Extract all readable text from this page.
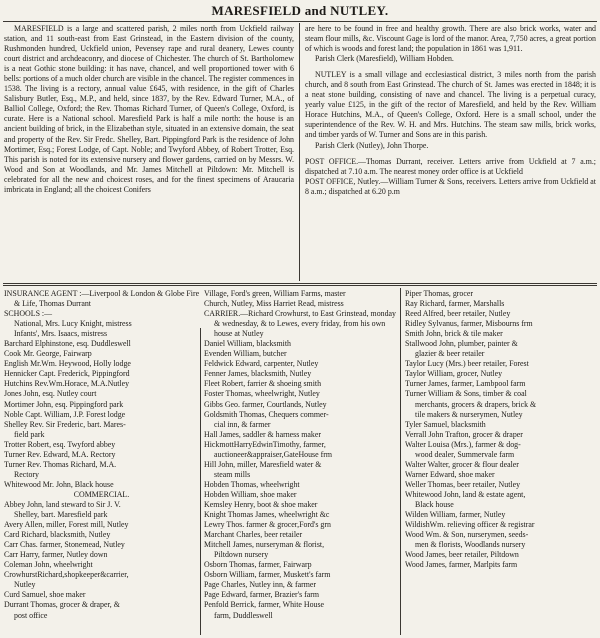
MARESFIELD and NUTLEY.

MARESFIELD is a large and scattered parish, 2 miles north from Uckfield railway station, and 11 south-east from East Grinstead, in the Eastern division of the county, Rushmonden hundred, Uckfield union, Pevensey rape and rural deanery, Lewes county court district and archdeaconry, and diocese of Chichester. The church of St. Bartholomew is a neat Gothic stone building: it has nave, chancel, and well proportioned tower with 6 bells: portions of a much older church are visible in the chancel. The register commences in 1538. The living is a rectory, annual value £645, with residence, in the gift of Charles Salisbury Butler, Esq., M.P., and held, since 1837, by the Rev. Edward Turner, M.A., of Balliol College, Oxford; the Rev. Thomas Richard Turner, of Queen's College, Oxford, is curate. Here is a National school. Maresfield Park is half a mile north: the house is an ancient building of brick, in the Elizabethan style, situated in an extensive domain, the seat and property of the Rev. Sir Fredc. Shelley, Bart. Pippingford Park is the residence of John Mortimer, Esq.; Forest Lodge, of Capt. Noble; and Twyford Abbey, of Robert Trotter, Esq. This parish is noted for its extensive nursery and flower gardens, carried on by Messrs. W. Wood and Son at Woodlands, and Mr. James Mitchell at Piltdown: Mr. Mitchell is celebrated for all the new and choicest roses, and for the finest specimens of Araucaria imbricata in England; all the choicest Conifers

are here to be found in free and healthy growth. There are also brick works, water and steam flour mills, &c. Viscount Gage is lord of the manor. Area, 7,750 acres, a great portion of which is woods and forest land; the population in 1861 was 1,911.

Parish Clerk (Maresfield), William Hobden.

NUTLEY is a small village and ecclesiastical district, 3 miles north from the parish church, and 8 south from East Grinstead. The church of St. James was erected in 1848; it is a neat stone building, consisting of nave and chancel. The living is a perpetual curacy, yearly value £125, in the gift of the rector of Maresfield, and held by the Rev. William Horace Hutchins, M.A., of Queen's College, Oxford. Here is a small school, under the superintendence of the Rev. W. H. and Mrs. Hutchins. The steam saw mills, brick works, and timber yards of W. Turner and Sons are in this parish.

Parish Clerk (Nutley), John Thorpe.

POST OFFICE.—Thomas Durrant, receiver. Letters arrive from Uckfield at 7 a.m.; dispatched at 7.10 a.m. The nearest money order office is at Uckfield

POST OFFICE, Nutley.—William Turner & Sons, receivers. Letters arrive from Uckfield at 8 a.m.; dispatched at 6.20 p.m

INSURANCE AGENT :—Liverpool & London & Globe Fire
& Life, Thomas Durrant
SCHOOLS :—
National, Mrs. Lucy Knight, mistress
Infants', Mrs. Isaacs, mistress
Barchard Elphinstone, esq. Duddleswell
Cook Mr. George, Fairwarp
English Mr.Wm. Heywood, Holly lodge
Hennicker Capt. Frederick, Pippingford
Hutchins Rev.Wm.Horace, M.A.Nutley
Jones John, esq. Nutley court
Mortimer John, esq. Pippingford park
Noble Capt. William, J.P. Forest lodge
Shelley Rev. Sir Frederic, bart. Mares-
field park
Trotter Robert, esq. Twyford abbey
Turner Rev. Edward, M.A. Rectory
Turner Rev. Thomas Richard, M.A.
Rectory
Whitewood Mr. John, Black house
COMMERCIAL.
Abbey John, land steward to Sir J. V.
Shelley, bart. Maresfield park
Avery Allen, miller, Forest mill, Nutley
Card Richard, blacksmith, Nutley
Carr Chas. farmer, Stonemead, Nutley
Carr Harry, farmer, Nutley down
Coleman John, wheelwright
CrowhurstRichard,shopkeeper&carrier,
Nutley
Curd Samuel, shoe maker
Durrant Thomas, grocer & draper, &
post office
Village, Ford's green, William Farms, master
Church, Nutley, Miss Harriet Read, mistress
CARRIER.—Richard Crowhurst, to East Grinstead, monday
& wednesday, & to Lewes, every friday, from his own
house at Nutley
Daniel William, blacksmith
Evenden William, butcher
Feldwick Edward, carpenter, Nutley
Fenner James, blacksmith, Nutley
Fleet Robert, farrier & shoeing smith
Foster Thomas, wheelwright, Nutley
Gibbs Geo. farmer, Courtlands, Nutley
Goldsmith Thomas, Chequers commer-
cial inn, & farmer
Hall James, saddler & harness maker
HickmottHarryEdwinTimothy, farmer,
auctioneer&appraiser,GateHouse frm
Hill John, miller, Maresfield water &
steam mills
Hobden Thomas, wheelwright
Hobden William, shoe maker
Kemsley Henry, boot & shoe maker
Knight Thomas James, wheelwright &c
Lewry Thos. farmer & grocer,Ford's grn
Marchant Charles, beer retailer
Mitchell James, nurseryman & florist,
Piltdown nursery
Osborn Thomas, farmer, Fairwarp
Osborn William, farmer, Muskett's farm
Page Charles, Nutley inn, & farmer
Page Edward, farmer, Brazier's farm
Penfold Berrick, farmer, White House
farm, Duddleswell
Piper Thomas, grocer
Ray Richard, farmer, Marshalls
Reed Alfred, beer retailer, Nutley
Ridley Sylvanus, farmer, Misbourns frm
Smith John, brick & tile maker
Stallwood John, plumber, painter &
glazier & beer retailer
Taylor Lucy (Mrs.) beer retailer, Forest
Taylor William, grocer, Nutley
Turner James, farmer, Lambpool farm
Turner William & Sons, timber & coal
merchants, grocers & drapers, brick &
tile makers & nurserymen, Nutley
Tyler Samuel, blacksmith
Verrall John Trafton, grocer & draper
Walter Louisa (Mrs.), farmer & dog-
wood dealer, Summervale farm
Walter Walter, grocer & flour dealer
Warner Edward, shoe maker
Weller Thomas, beer retailer, Nutley
Whitewood John, land & estate agent,
Black house
Wilden William, farmer, Nutley
WildishWm. relieving officer & registrar
Wood Wm. & Son, nurserymen, seeds-
men & florists, Woodlands nursery
Wood James, beer retailer, Piltdown
Wood James, farmer, Marlpits farm
